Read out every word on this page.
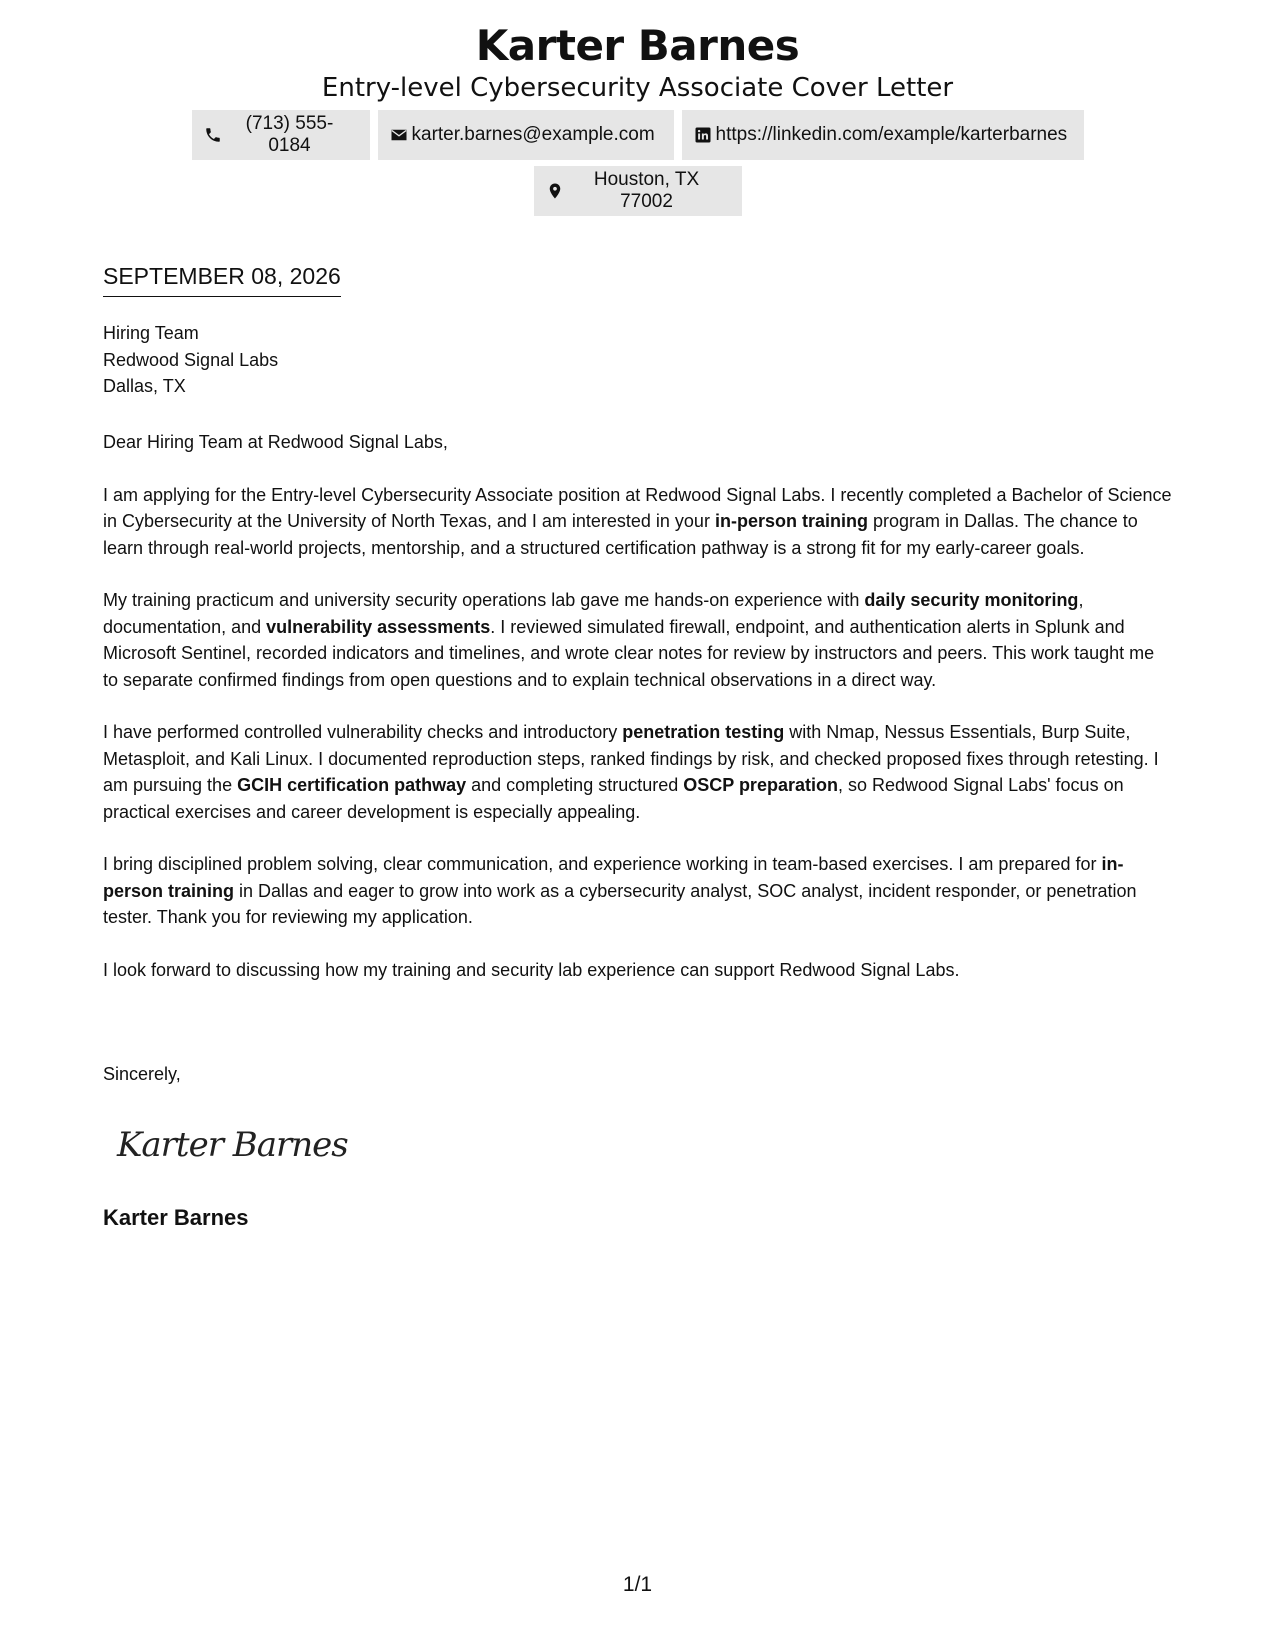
Karter Barnes
Entry-level Cybersecurity Associate Cover Letter
(713) 555-0184
karter.barnes@example.com	https://linkedin.com/example/karterbarnes
Houston, TX 77002
SEPTEMBER 08, 2026
Hiring Team
Redwood Signal Labs
Dallas, TX

Dear Hiring Team at Redwood Signal Labs,

I am applying for the Entry-level Cybersecurity Associate position at Redwood Signal Labs. I recently completed a Bachelor of Science in Cybersecurity at the University of North Texas, and I am interested in your in-person training program in Dallas. The chance to learn through real-world projects, mentorship, and a structured certification pathway is a strong fit for my early-career goals.

My training practicum and university security operations lab gave me hands-on experience with daily security monitoring, documentation, and vulnerability assessments. I reviewed simulated firewall, endpoint, and authentication alerts in Splunk and Microsoft Sentinel, recorded indicators and timelines, and wrote clear notes for review by instructors and peers. This work taught me to separate confirmed findings from open questions and to explain technical observations in a direct way.

I have performed controlled vulnerability checks and introductory penetration testing with Nmap, Nessus Essentials, Burp Suite, Metasploit, and Kali Linux. I documented reproduction steps, ranked findings by risk, and checked proposed fixes through retesting. I am pursuing the GCIH certification pathway and completing structured OSCP preparation, so Redwood Signal Labs' focus on practical exercises and career development is especially appealing.

I bring disciplined problem solving, clear communication, and experience working in team-based exercises. I am prepared for in-person training in Dallas and eager to grow into work as a cybersecurity analyst, SOC analyst, incident responder, or penetration tester. Thank you for reviewing my application.

I look forward to discussing how my training and security lab experience can support Redwood Signal Labs.

Sincerely,
Karter Barnes
Karter Barnes
1/1
